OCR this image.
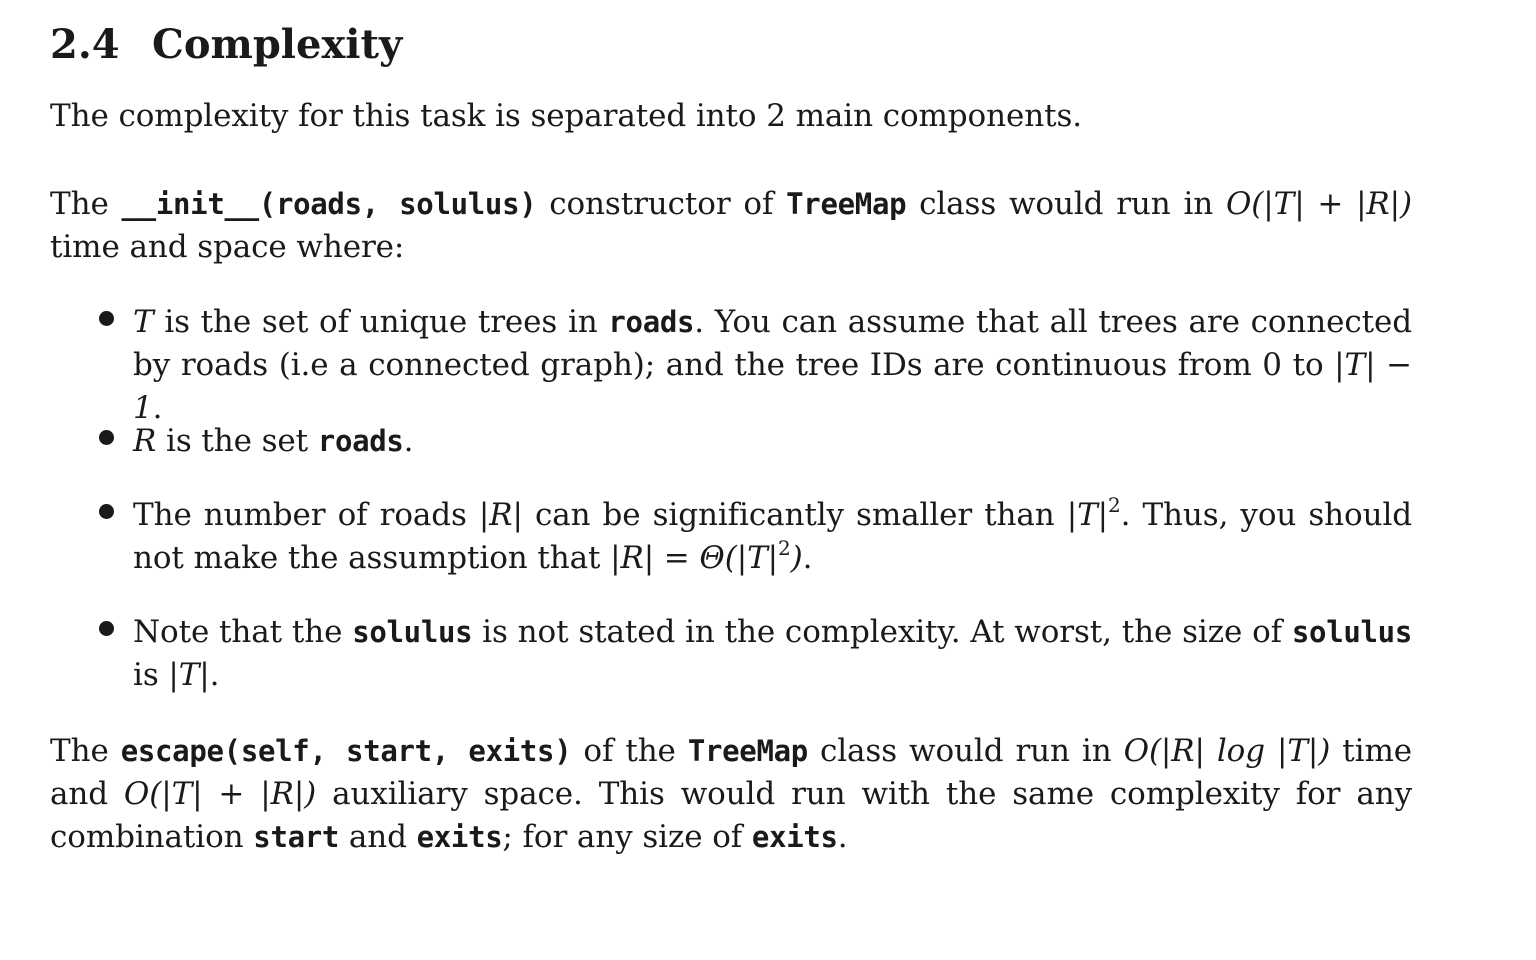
2.4 Complexity
The complexity for this task is separated into 2 main components.
The __init__(roads, solulus) constructor of TreeMap class would run in O(|T| + |R|) time and space where:
T is the set of unique trees in roads. You can assume that all trees are connected by roads (i.e a connected graph); and the tree IDs are continuous from 0 to |T| − 1.
R is the set roads.
The number of roads |R| can be significantly smaller than $|T|^2$. Thus, you should not make the assumption that $|R| = \Theta(|T|^2)$.
Note that the solulus is not stated in the complexity. At worst, the size of solulus is |T|.
The escape(self, start, exits) of the TreeMap class would run in O(|R| log |T|) time and O(|T| + |R|) auxiliary space. This would run with the same complexity for any combination start and exits; for any size of exits.
